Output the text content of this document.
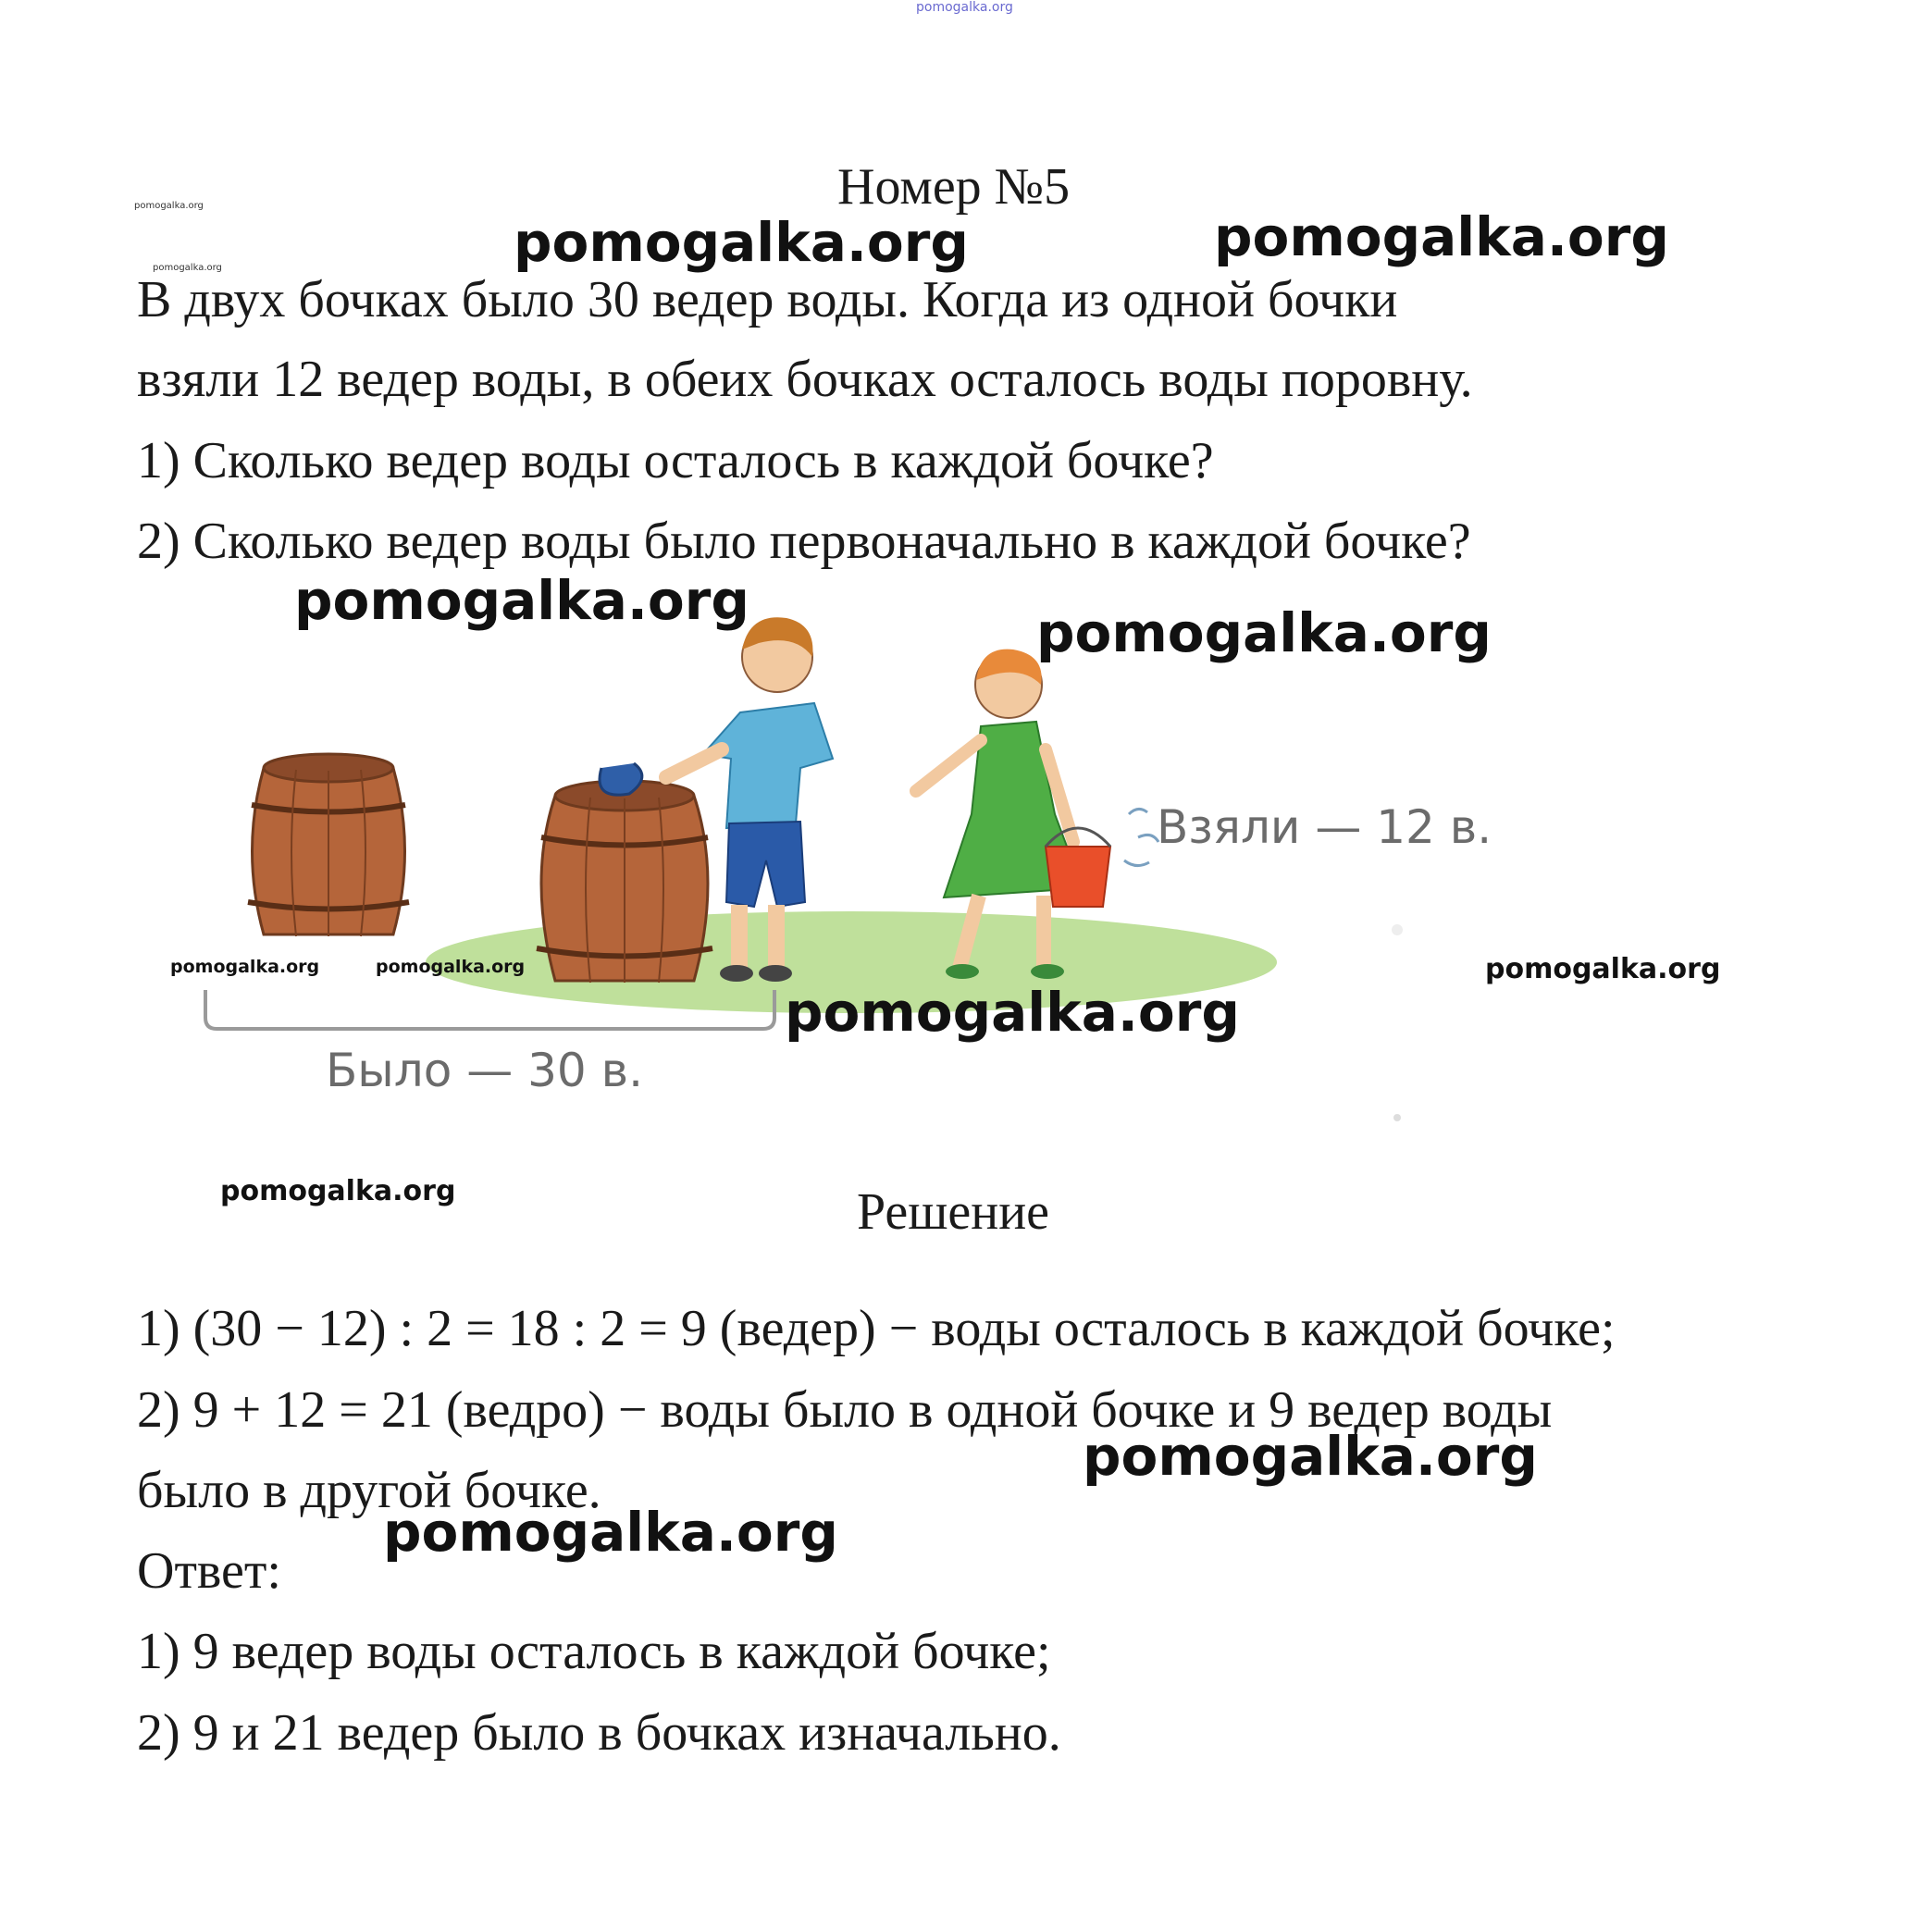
pomogalka.org
Номер №5
pomogalka.org
pomogalka.org	pomogalka.org	pomogalka.org
В двух бочках было 30 ведер воды. Когда из одной бочки
взяли 12 ведер воды, в обеих бочках осталось воды поровну.
1) Сколько ведер воды осталось в каждой бочке?
2) Сколько ведер воды было первоначально в каждой бочке?
Взяли — 12 в.
Было — 30 в.
pomogalka.org
pomogalka.org
pomogalka.org	pomogalka.org	pomogalka.org
pomogalka.org
pomogalka.org	Решение
1) (30 − 12) : 2 = 18 : 2 = 9 (ведер) − воды осталось в каждой бочке;
2) 9 + 12 = 21 (ведро) − воды было в одной бочке и 9 ведер воды
было в другой бочке.
Ответ:
1) 9 ведер воды осталось в каждой бочке;
2) 9 и 21 ведер было в бочках изначально.
pomogalka.org
pomogalka.org
